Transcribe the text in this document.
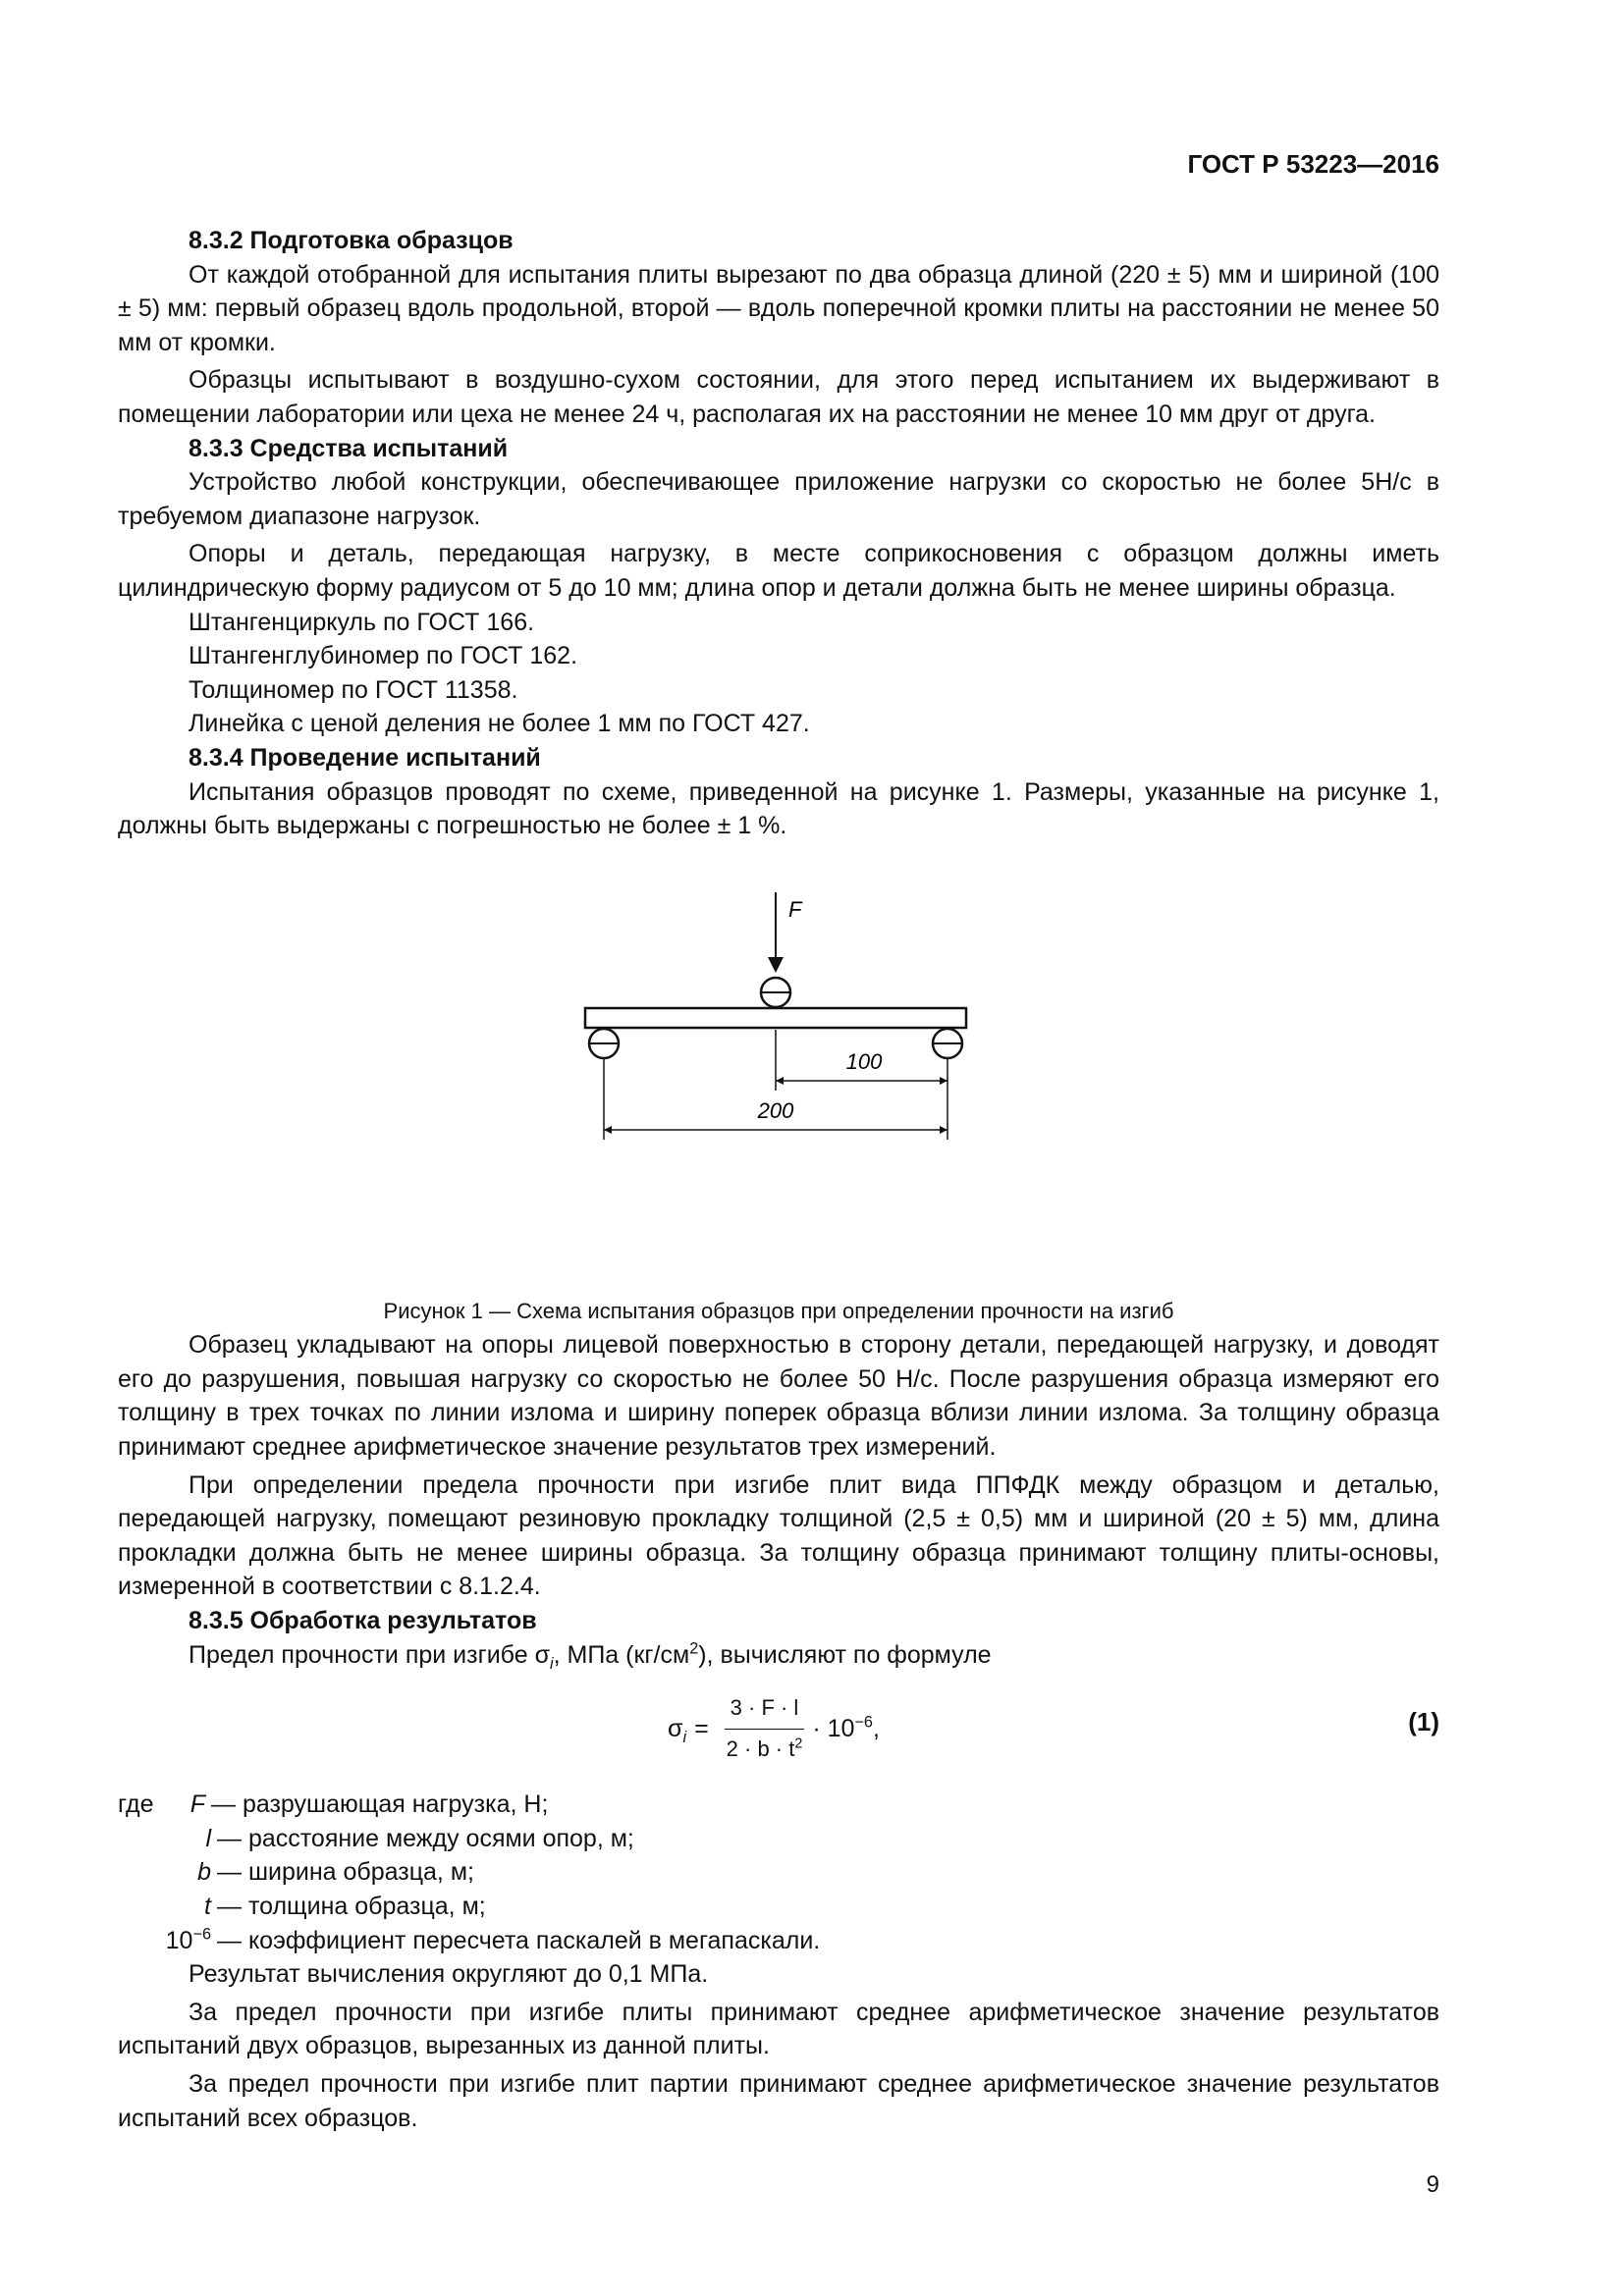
ГОСТ Р 53223—2016

8.3.2 Подготовка образцов

От каждой отобранной для испытания плиты вырезают по два образца длиной (220 ± 5) мм и шириной (100 ± 5) мм: первый образец вдоль продольной, второй — вдоль поперечной кромки плиты на расстоянии не менее 50 мм от кромки.

Образцы испытывают в воздушно-сухом состоянии, для этого перед испытанием их выдерживают в помещении лаборатории или цеха не менее 24 ч, располагая их на расстоянии не менее 10 мм друг от друга.

8.3.3 Средства испытаний

Устройство любой конструкции, обеспечивающее приложение нагрузки со скоростью не более 5Н/с в требуемом диапазоне нагрузок.

Опоры и деталь, передающая нагрузку, в месте соприкосновения с образцом должны иметь цилиндрическую форму радиусом от 5 до 10 мм; длина опор и детали должна быть не менее ширины образца.

Штангенциркуль по ГОСТ 166.

Штангенглубиномер по ГОСТ 162.

Толщиномер по ГОСТ 11358.

Линейка с ценой деления не более 1 мм по ГОСТ 427.

8.3.4 Проведение испытаний

Испытания образцов проводят по схеме, приведенной на рисунке 1. Размеры, указанные на рисунке 1, должны быть выдержаны с погрешностью не более ± 1 %.

F
100
200

Рисунок 1 — Схема испытания образцов при определении прочности на изгиб

Образец укладывают на опоры лицевой поверхностью в сторону детали, передающей нагрузку, и доводят его до разрушения, повышая нагрузку со скоростью не более 50 Н/с. После разрушения образца измеряют его толщину в трех точках по линии излома и ширину поперек образца вблизи линии излома. За толщину образца принимают среднее арифметическое значение результатов трех измерений.

При определении предела прочности при изгибе плит вида ППФДК между образцом и деталью, передающей нагрузку, помещают резиновую прокладку толщиной (2,5 ± 0,5) мм и шириной (20 ± 5) мм, длина прокладки должна быть не менее ширины образца. За толщину образца принимают толщину плиты-основы, измеренной в соответствии с 8.1.2.4.

8.3.5 Обработка результатов

Предел прочности при изгибе $\sigma_i$, МПа $(кг/см^2)$, вычисляют по формуле

$\sigma_i = \frac{3 \cdot F \cdot l}{2 \cdot b \cdot t^2} \cdot 10^{-6}$,	(1)
где	F — разрушающая нагрузка, Н;
l — расстояние между осями опор, м;
b — ширина образца, м;
t — толщина образца, м;
$10^{-6}$ — коэффициент пересчета паскалей в мегапаскали.

Результат вычисления округляют до 0,1 МПа.

За предел прочности при изгибе плиты принимают среднее арифметическое значение результатов испытаний двух образцов, вырезанных из данной плиты.

За предел прочности при изгибе плит партии принимают среднее арифметическое значение результатов испытаний всех образцов.

9
